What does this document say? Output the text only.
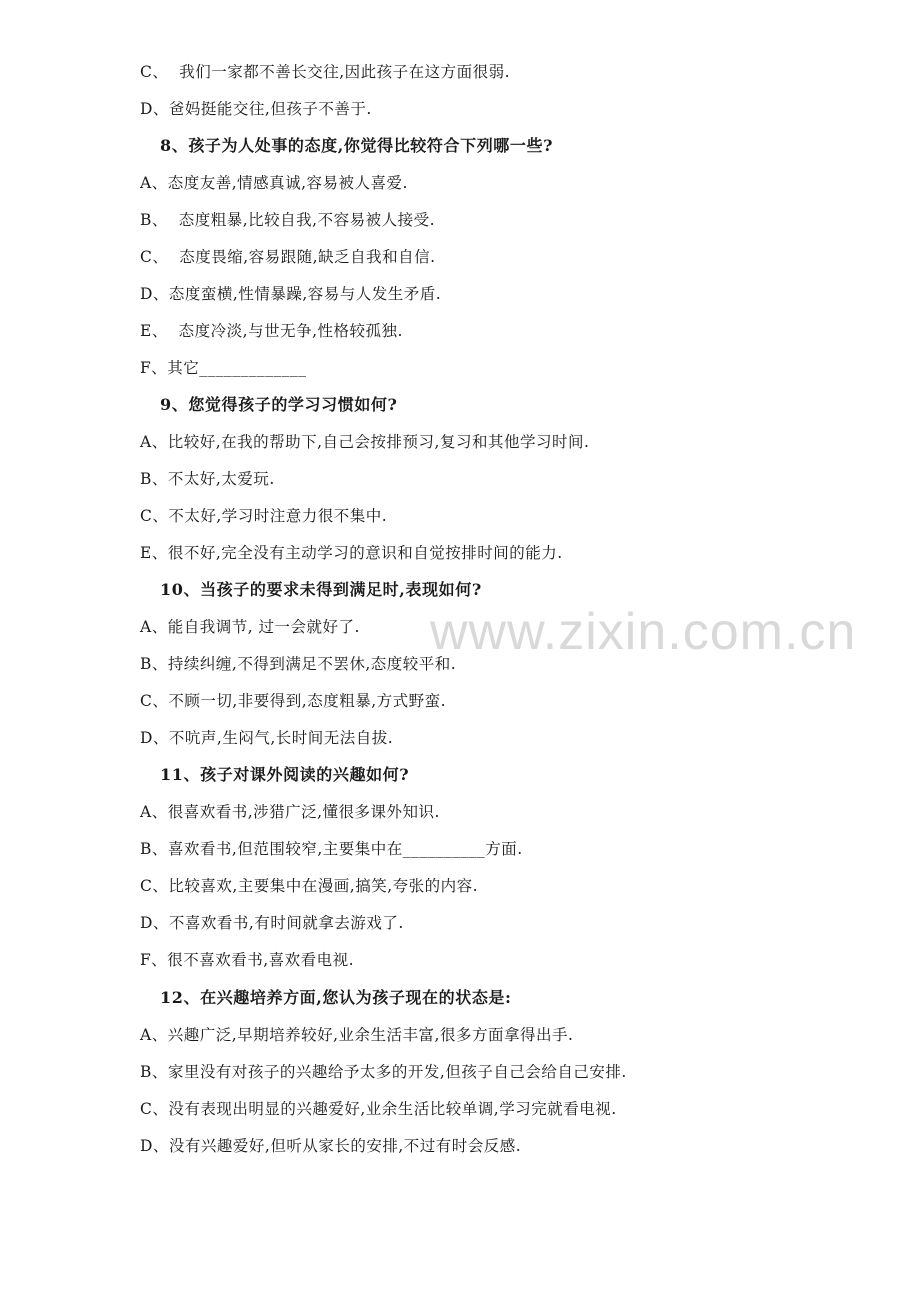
C、  我们一家都不善长交往,因此孩子在这方面很弱.
D、爸妈挺能交往,但孩子不善于.
8、孩子为人处事的态度,你觉得比较符合下列哪一些?
A、态度友善,情感真诚,容易被人喜爱.
B、  态度粗暴,比较自我,不容易被人接受.
C、  态度畏缩,容易跟随,缺乏自我和自信.
D、态度蛮横,性情暴躁,容易与人发生矛盾.
E、  态度冷淡,与世无争,性格较孤独.
F、其它_____________
9、您觉得孩子的学习习惯如何?
A、比较好,在我的帮助下,自己会按排预习,复习和其他学习时间.
B、不太好,太爱玩.
C、不太好,学习时注意力很不集中.
E、很不好,完全没有主动学习的意识和自觉按排时间的能力.
10、当孩子的要求未得到满足时,表现如何?
A、能自我调节, 过一会就好了.
B、持续纠缠,不得到满足不罢休,态度较平和.
C、不顾一切,非要得到,态度粗暴,方式野蛮.
D、不吭声,生闷气,长时间无法自拔.
11、孩子对课外阅读的兴趣如何?
A、很喜欢看书,涉猎广泛,懂很多课外知识.
B、喜欢看书,但范围较窄,主要集中在__________方面.
C、比较喜欢,主要集中在漫画,搞笑,夸张的内容.
D、不喜欢看书,有时间就拿去游戏了.
F、很不喜欢看书,喜欢看电视.
12、在兴趣培养方面,您认为孩子现在的状态是:
A、兴趣广泛,早期培养较好,业余生活丰富,很多方面拿得出手.
B、家里没有对孩子的兴趣给予太多的开发,但孩子自己会给自己安排.
C、没有表现出明显的兴趣爱好,业余生活比较单调,学习完就看电视.
D、没有兴趣爱好,但听从家长的安排,不过有时会反感.
www.zixin.com.cn
